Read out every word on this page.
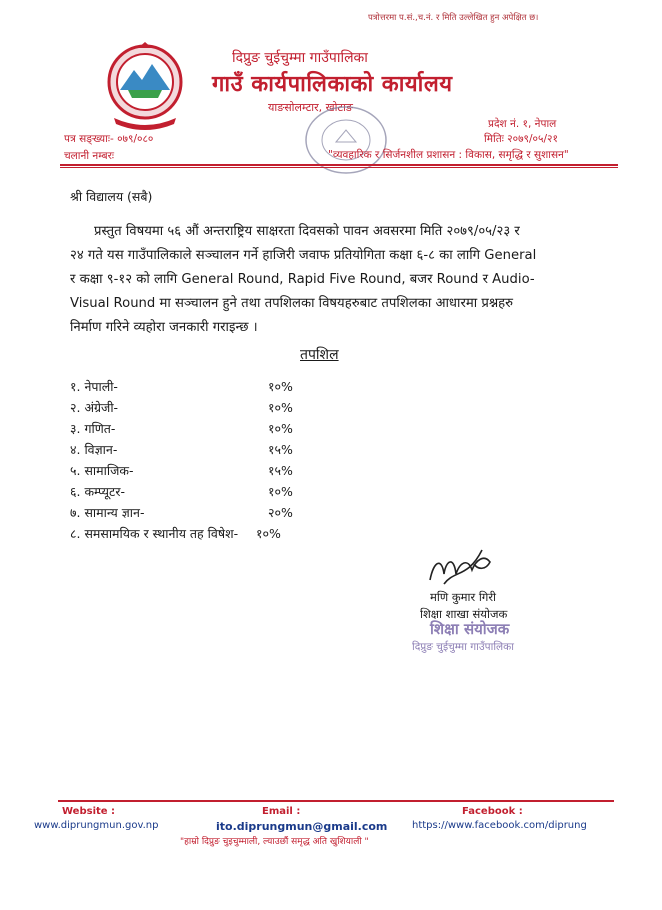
पत्रोत्तरमा प.सं.,च.नं. र मिति उल्लेखित हुन अपेक्षित छ।
दिप्रुङ चुईचुम्मा गाउँपालिका
गाउँ कार्यपालिकाको कार्यालय
याङसोलम्टार, खोटाङ
प्रदेश नं. १, नेपाल
मितिः २०७९/०५/२१
पत्र सङ्ख्याः- ०७९/०८०
चलानी नम्बरः	"व्यवहारिक र सिर्जनशील प्रशासन : विकास, समृद्धि र सुशासन"
श्री विद्यालय (सबै)
प्रस्तुत विषयमा ५६ औं अन्तराष्ट्रिय साक्षरता दिवसको पावन अवसरमा मिति २०७९/०५/२३ र
२४ गते यस गाउँपालिकाले सञ्चालन गर्ने हाजिरी जवाफ प्रतियोगिता कक्षा ६-८ का लागि General
र कक्षा ९-१२ को लागि General Round, Rapid Five Round, बजर Round र Audio-
Visual Round मा सञ्चालन हुने तथा तपशिलका विषयहरुबाट तपशिलका आधारमा प्रश्नहरु
निर्माण गरिने व्यहोरा जनकारी गराइन्छ ।
तपशिल
१. नेपाली-	१०%
२. अंग्रेजी-	१०%
३. गणित-	१०%
४. विज्ञान-	१५%
५. सामाजिक-	१५%
६. कम्प्यूटर-	१०%
७. सामान्य ज्ञान-	२०%
८. समसामयिक र स्थानीय तह विषेश- १०%
मणि कुमार गिरी
शिक्षा शाखा संयोजक
शिक्षा संयोजक
दिप्रुङ चुईचुम्मा गाउँपालिका
Website :
www.diprungmun.gov.np
Email :
ito.diprungmun@gmail.com
Facebook :
https://www.facebook.com/diprung
"हाम्रो दिप्रुङ चुइचुम्माली, ल्याउछौं समृद्ध अति खुशियाली "
